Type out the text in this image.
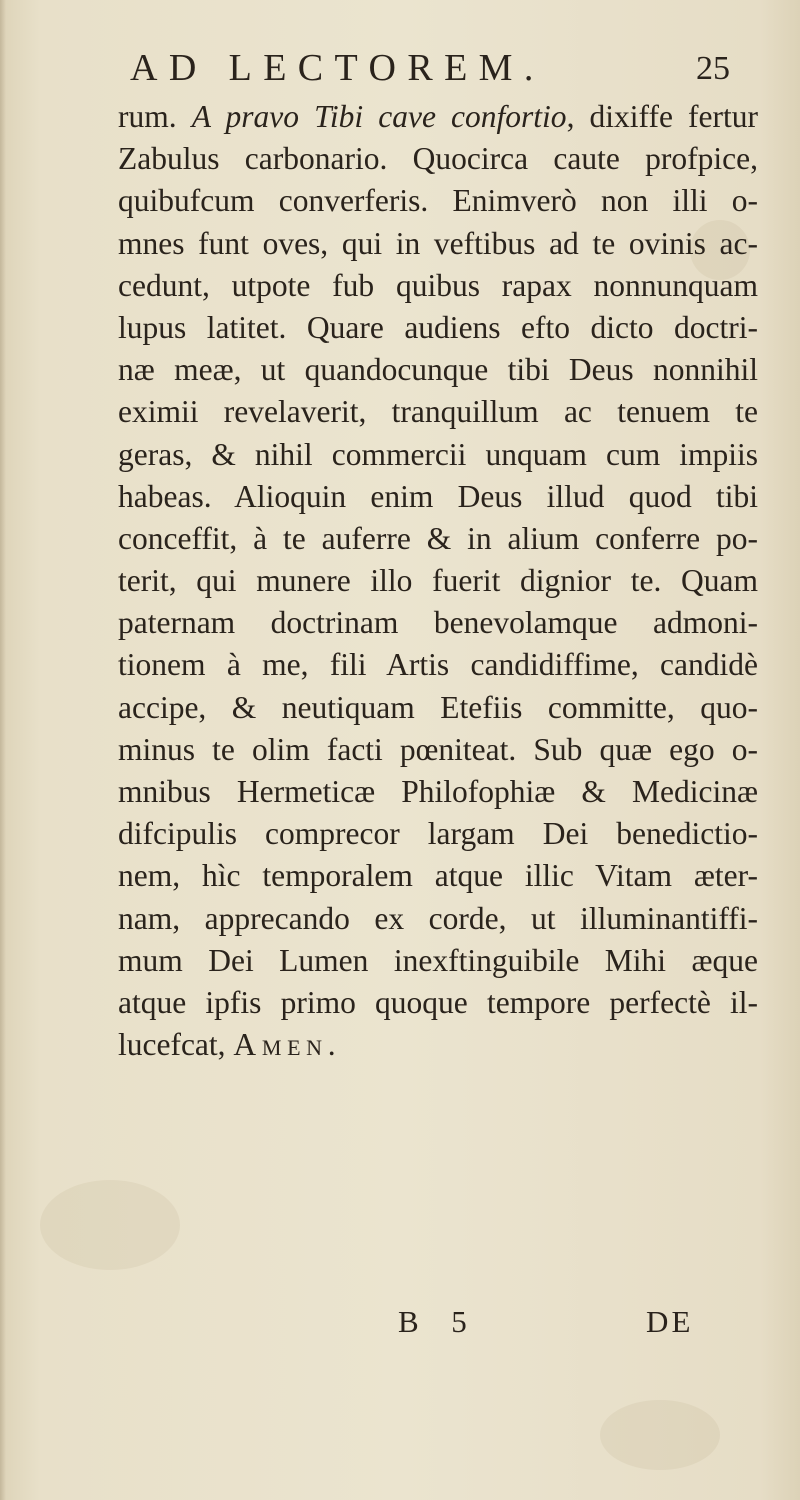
AD LECTOREM.	25
rum. A pravo Tibi cave confortio, dixiffe fertur
Zabulus carbonario. Quocirca caute profpice,
quibufcum converferis. Enimverò non illi o-
mnes funt oves, qui in veftibus ad te ovinis ac-
cedunt, utpote fub quibus rapax nonnunquam
lupus latitet. Quare audiens efto dicto doctri-
næ meæ, ut quandocunque tibi Deus nonnihil
eximii revelaverit, tranquillum ac tenuem te
geras, & nihil commercii unquam cum impiis
habeas. Alioquin enim Deus illud quod tibi
conceffit, à te auferre & in alium conferre po-
terit, qui munere illo fuerit dignior te. Quam
paternam doctrinam benevolamque admoni-
tionem à me, fili Artis candidiffime, candidè
accipe, & neutiquam Etefiis committe, quo-
minus te olim facti pœniteat. Sub quæ ego o-
mnibus Hermeticæ Philofophiæ & Medicinæ
difcipulis comprecor largam Dei benedictio-
nem, hìc temporalem atque illic Vitam æter-
nam, apprecando ex corde, ut illuminantiffi-
mum Dei Lumen inexftinguibile Mihi æque
atque ipfis primo quoque tempore perfectè il-
lucefcat, Amen.
B 5	DE
